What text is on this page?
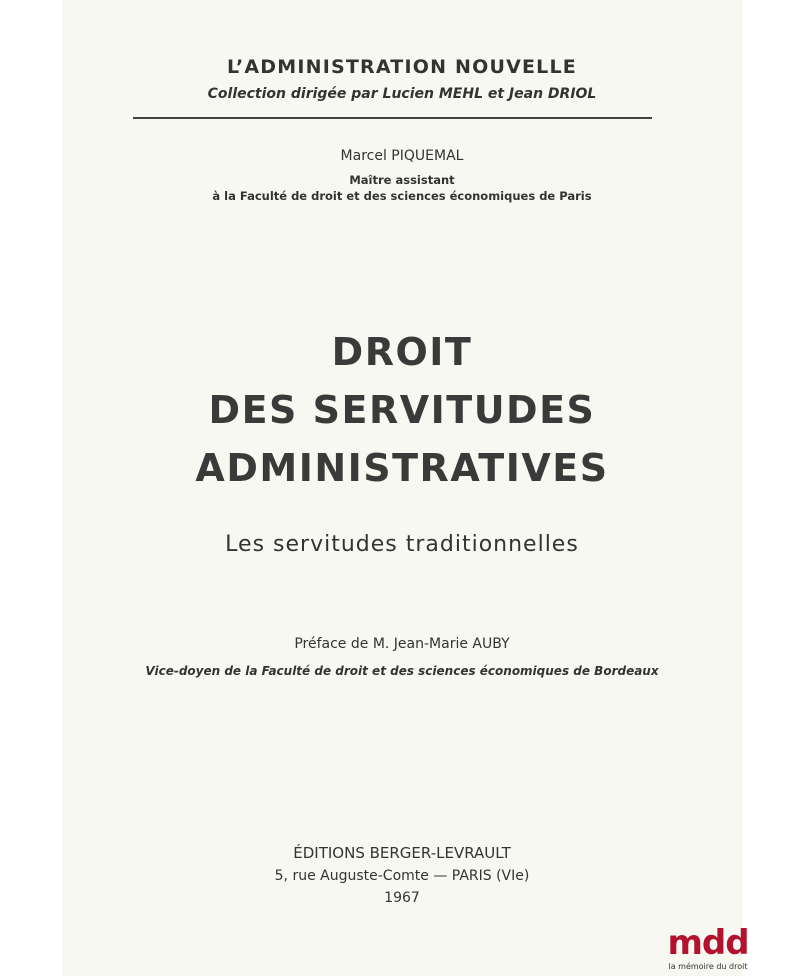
L’ADMINISTRATION NOUVELLE
Collection dirigée par Lucien MEHL et Jean DRIOL
Marcel PIQUEMAL
Maître assistant
à la Faculté de droit et des sciences économiques de Paris
DROIT
DES SERVITUDES
ADMINISTRATIVES
Les servitudes traditionnelles
Préface de M. Jean-Marie AUBY
Vice-doyen de la Faculté de droit et des sciences économiques de Bordeaux
ÉDITIONS BERGER-LEVRAULT
5, rue Auguste-Comte — PARIS (VIe)
1967
mdd
la mémoire du droit
